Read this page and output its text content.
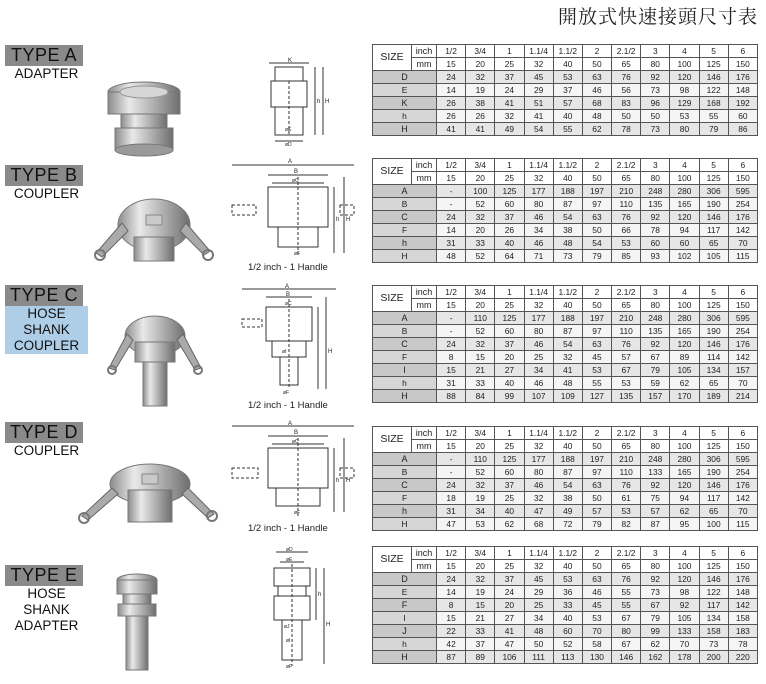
開放式快速接頭尺寸表
TYPE A
ADAPTER
K
h H
øE
øD
SIZE	inch	1/2	3/4	1	1.1/4	1.1/2	2	2.1/2	3	4	5	6
	mm	15	20	25	32	40	50	65	80	100	125	150
D		24	32	37	45	53	63	76	92	120	146	176
E		14	19	24	29	37	46	56	73	98	122	148
K		26	38	41	51	57	68	83	96	129	168	192
h		26	26	32	41	40	48	50	50	53	55	60
H		41	41	49	54	55	62	78	73	80	79	86
TYPE B
COUPLER
A
B
øC
øF
h H
1/2 inch - 1 Handle
SIZE	inch	1/2	3/4	1	1.1/4	1.1/2	2	2.1/2	3	4	5	6
	mm	15	20	25	32	40	50	65	80	100	125	150
A		-	100	125	177	188	197	210	248	280	306	595
B		-	52	60	80	87	97	110	135	165	190	254
C		24	32	37	46	54	63	76	92	120	146	176
F		14	20	26	34	38	50	66	78	94	117	142
h		31	33	40	46	48	54	53	60	60	65	70
H		48	52	64	71	73	79	85	93	102	105	115
TYPE C
HOSE SHANK
COUPLER
A
B
øC
øI
øF
H
1/2 inch - 1 Handle
SIZE	inch	1/2	3/4	1	1.1/4	1.1/2	2	2.1/2	3	4	5	6
	mm	15	20	25	32	40	50	65	80	100	125	150
A		-	110	125	177	188	197	210	248	280	306	595
B		-	52	60	80	87	97	110	135	165	190	254
C		24	32	37	46	54	63	76	92	120	146	176
F		8	15	20	25	32	45	57	67	89	114	142
I		15	21	27	34	41	53	67	79	105	134	157
h		31	33	40	46	48	55	53	59	62	65	70
H		88	84	99	107	109	127	135	157	170	189	214
TYPE D
COUPLER
A
B
øC
øF
h H
1/2 inch - 1 Handle
SIZE	inch	1/2	3/4	1	1.1/4	1.1/2	2	2.1/2	3	4	5	6
	mm	15	20	25	32	40	50	65	80	100	125	150
A		-	110	125	177	188	197	210	248	280	306	595
B		-	52	60	80	87	97	110	133	165	190	254
C		24	32	37	46	54	63	76	92	120	146	176
F		18	19	25	32	38	50	61	75	94	117	142
h		31	34	40	47	49	57	53	57	62	65	70
H		47	53	62	68	72	79	82	87	95	100	115
TYPE E
HOSE SHANK
ADAPTER
øD
øE
øJ
øI
øF
h
H
SIZE	inch	1/2	3/4	1	1.1/4	1.1/2	2	2.1/2	3	4	5	6
	mm	15	20	25	32	40	50	65	80	100	125	150
D		24	32	37	45	53	63	76	92	120	146	176
E		14	19	24	29	36	46	55	73	98	122	148
F		8	15	20	25	33	45	55	67	92	117	142
I		15	21	27	34	40	53	67	79	105	134	158
J		22	33	41	48	60	70	80	99	133	158	183
h		42	37	47	50	52	58	67	62	70	73	78
H		87	89	106	111	113	130	146	162	178	200	220
